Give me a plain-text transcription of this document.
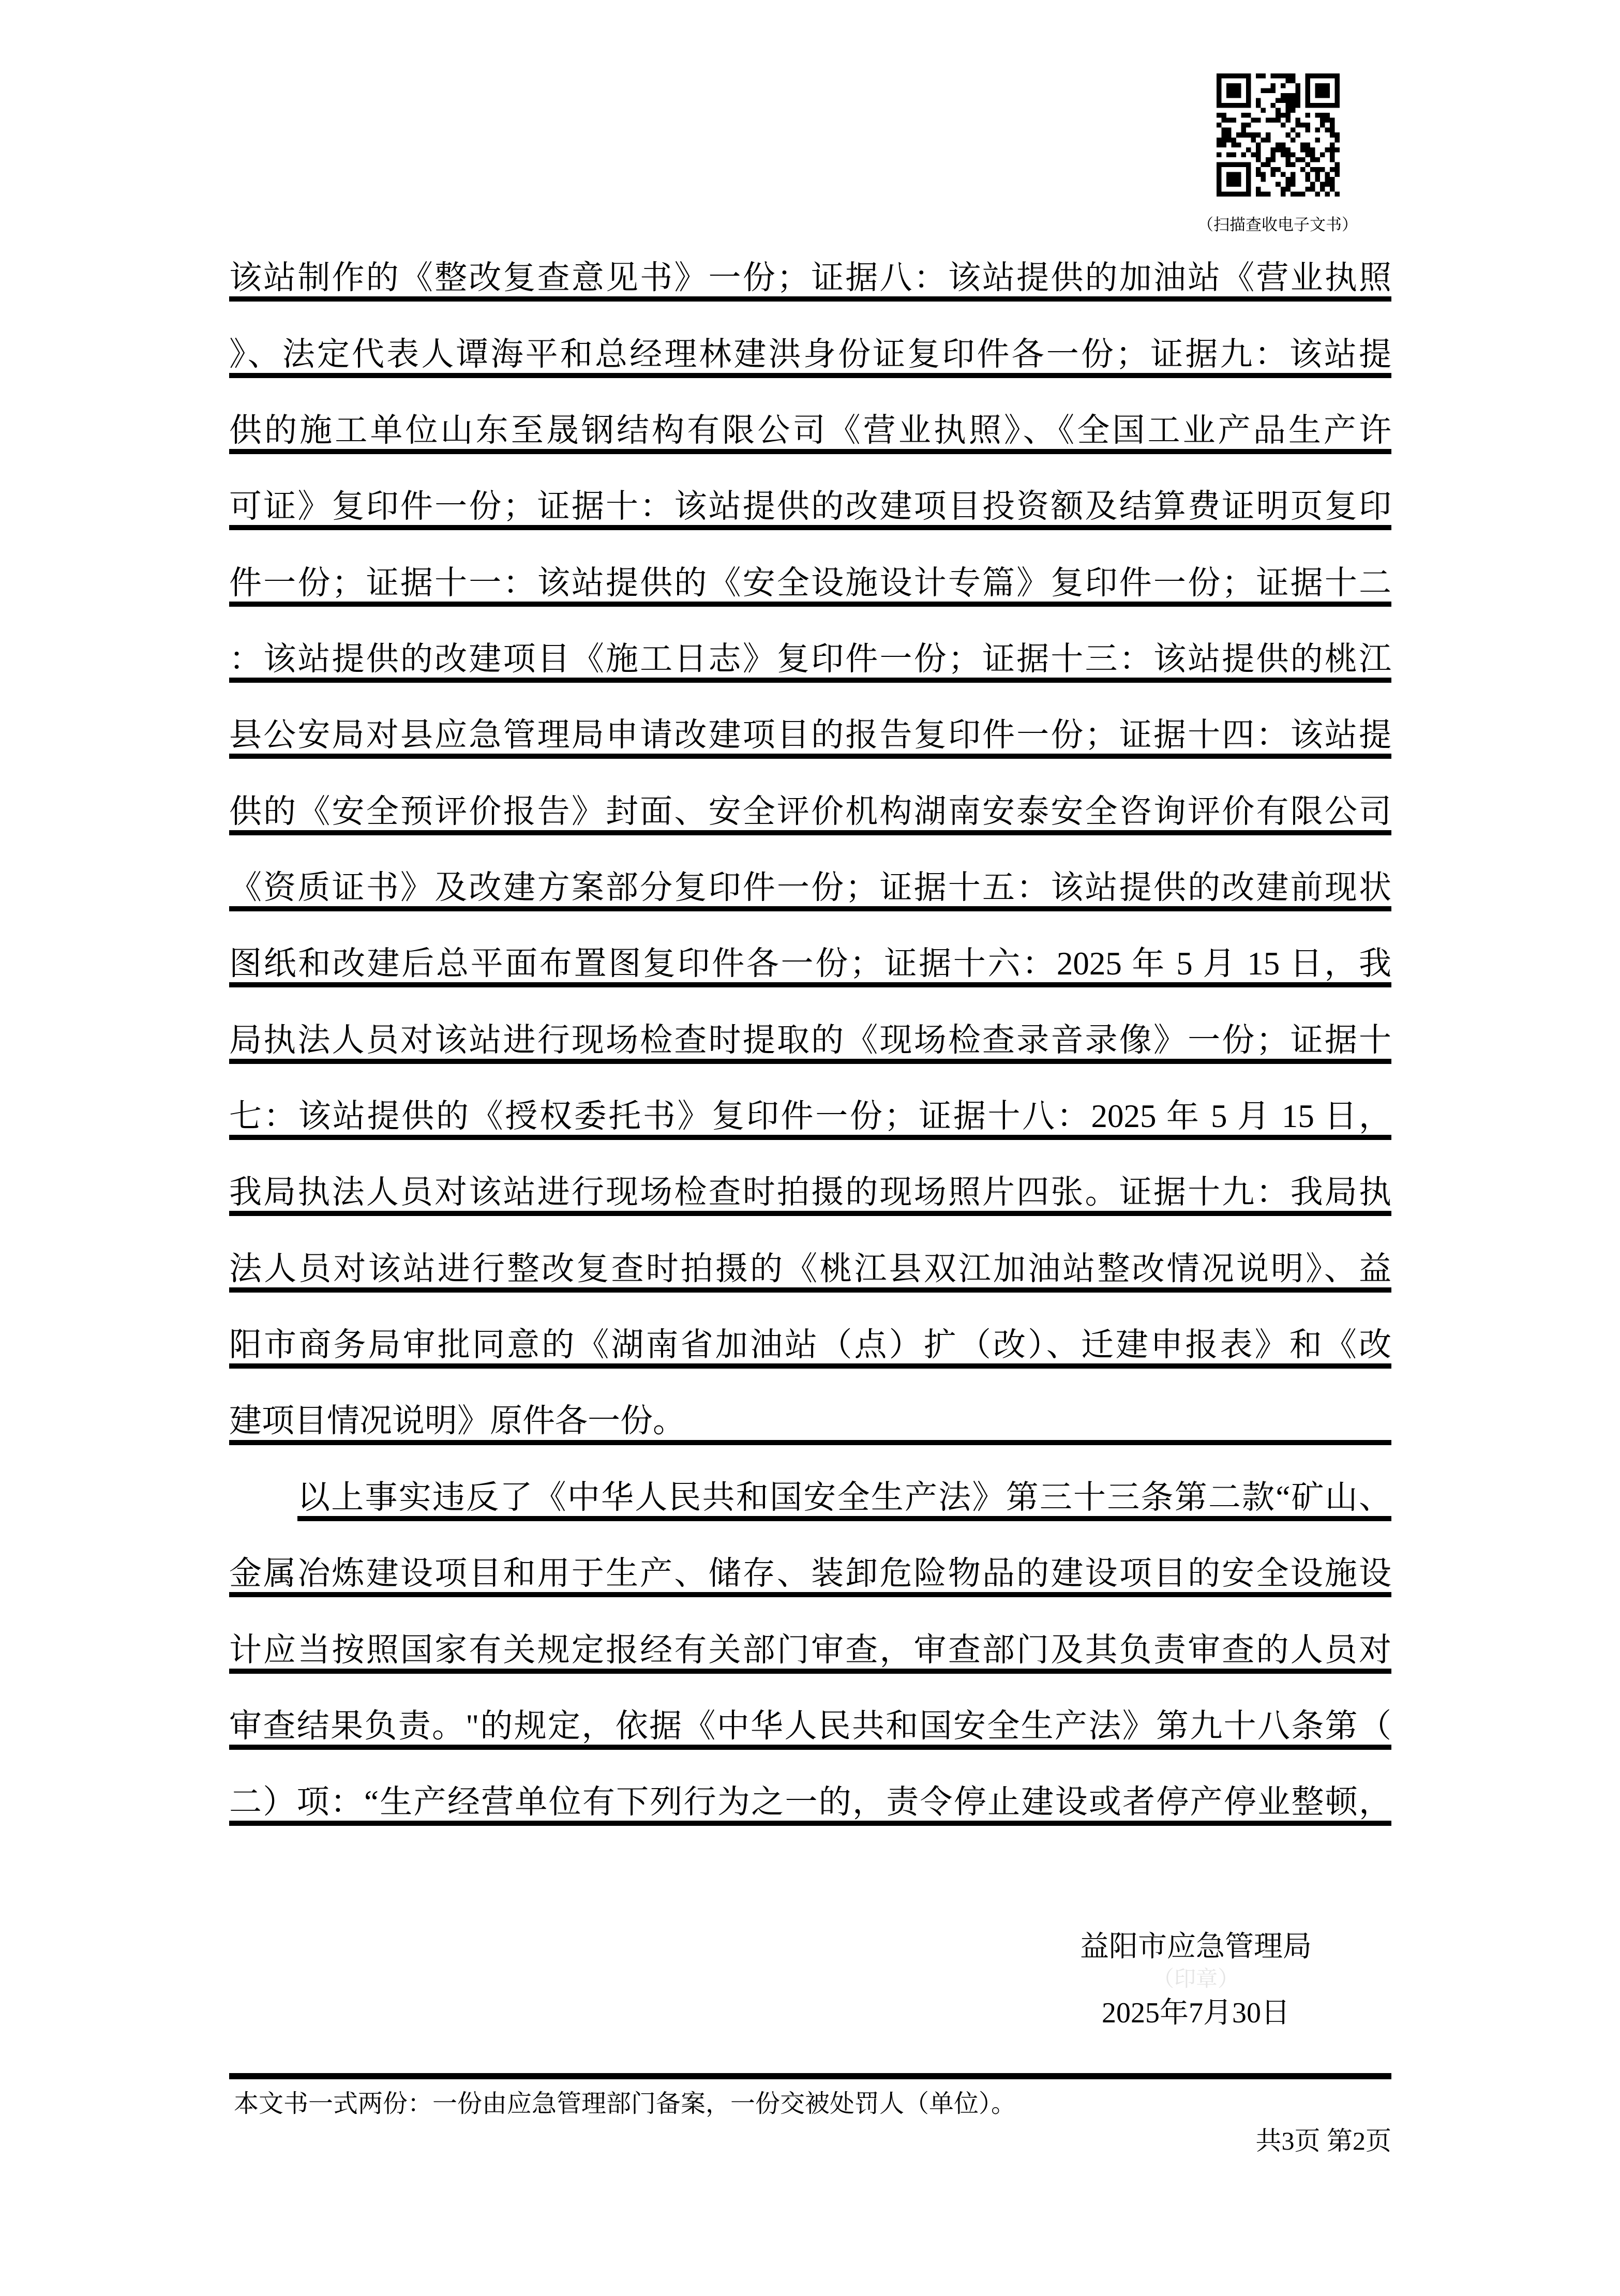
（扫描查收电子文书）
该站制作的《整改复查意见书》一份；证据八：该站提供的加油站《营业执照
》、法定代表人谭海平和总经理林建洪身份证复印件各一份；证据九：该站提
供的施工单位山东至晟钢结构有限公司《营业执照》、《全国工业产品生产许
可证》复印件一份；证据十：该站提供的改建项目投资额及结算费证明页复印
件一份；证据十一：该站提供的《安全设施设计专篇》复印件一份；证据十二
：该站提供的改建项目《施工日志》复印件一份；证据十三：该站提供的桃江
县公安局对县应急管理局申请改建项目的报告复印件一份；证据十四：该站提
供的《安全预评价报告》封面、安全评价机构湖南安泰安全咨询评价有限公司
《资质证书》及改建方案部分复印件一份；证据十五：该站提供的改建前现状
图纸和改建后总平面布置图复印件各一份；证据十六：2025 年 5 月 15 日，我
局执法人员对该站进行现场检查时提取的《现场检查录音录像》一份；证据十
七：该站提供的《授权委托书》复印件一份；证据十八：2025 年 5 月 15 日，
我局执法人员对该站进行现场检查时拍摄的现场照片四张。证据十九：我局执
法人员对该站进行整改复查时拍摄的《桃江县双江加油站整改情况说明》、益
阳市商务局审批同意的《湖南省加油站（点）扩（改）、迁建申报表》和《改
建项目情况说明》原件各一份。
以上事实违反了《中华人民共和国安全生产法》第三十三条第二款“矿山、
金属冶炼建设项目和用于生产、储存、装卸危险物品的建设项目的安全设施设
计应当按照国家有关规定报经有关部门审查，审查部门及其负责审查的人员对
审查结果负责。"的规定，依据《中华人民共和国安全生产法》第九十八条第（
二）项：“生产经营单位有下列行为之一的，责令停止建设或者停产停业整顿，
益阳市应急管理局
（印章）
2025年7月30日
本文书一式两份：一份由应急管理部门备案，一份交被处罚人（单位）。
共3页 第2页
